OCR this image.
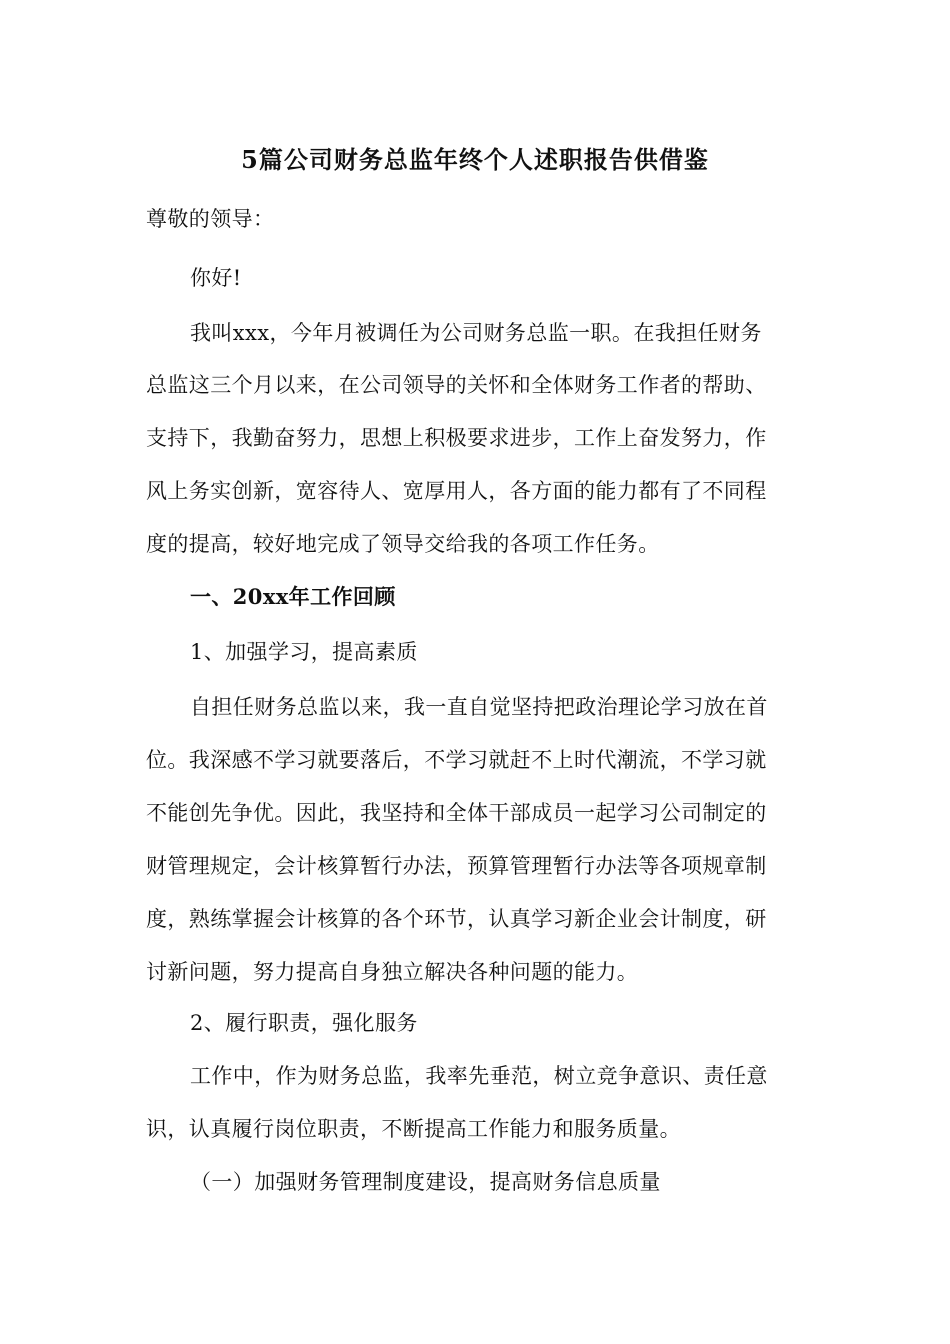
5篇公司财务总监年终个人述职报告供借鉴
尊敬的领导：
你好!
我叫xxx，今年月被调任为公司财务总监一职。在我担任财务
总监这三个月以来，在公司领导的关怀和全体财务工作者的帮助、
支持下，我勤奋努力，思想上积极要求进步，工作上奋发努力，作
风上务实创新，宽容待人、宽厚用人，各方面的能力都有了不同程
度的提高，较好地完成了领导交给我的各项工作任务。
一、20xx年工作回顾
1、加强学习，提高素质
自担任财务总监以来，我一直自觉坚持把政治理论学习放在首
位。我深感不学习就要落后，不学习就赶不上时代潮流，不学习就
不能创先争优。因此，我坚持和全体干部成员一起学习公司制定的
财管理规定，会计核算暂行办法，预算管理暂行办法等各项规章制
度，熟练掌握会计核算的各个环节，认真学习新企业会计制度，研
讨新问题，努力提高自身独立解决各种问题的能力。
2、履行职责，强化服务
工作中，作为财务总监，我率先垂范，树立竞争意识、责任意
识，认真履行岗位职责，不断提高工作能力和服务质量。
（一）加强财务管理制度建设，提高财务信息质量
